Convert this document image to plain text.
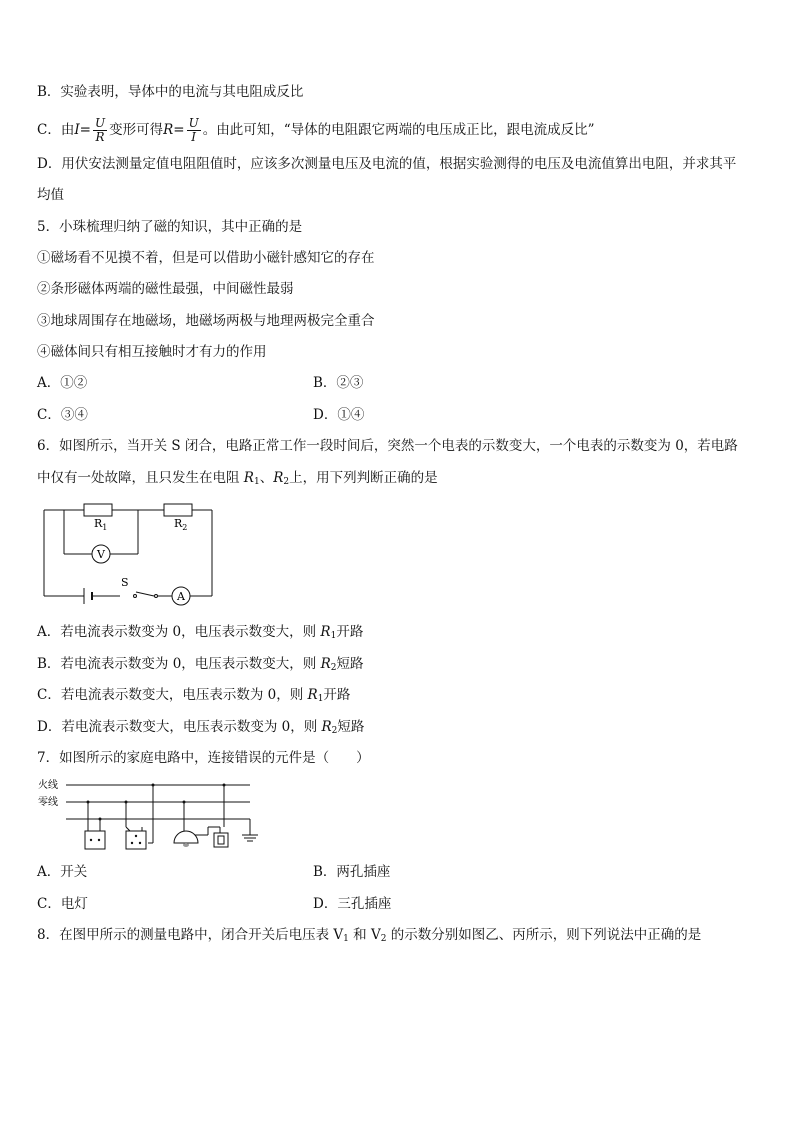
B．实验表明，导体中的电流与其电阻成反比
C．由 $I= \frac{U}{R}$ 变形可得 $R= \frac{U}{I}$ 。由此可知，“导体的电阻跟它两端的电压成正比，跟电流成反比”
D．用伏安法测量定值电阻阻值时，应该多次测量电压及电流的值，根据实验测得的电压及电流值算出电阻，并求其平
均值
5．小珠梳理归纳了磁的知识，其中正确的是
①磁场看不见摸不着，但是可以借助小磁针感知它的存在
②条形磁体两端的磁性最强，中间磁性最弱
③地球周围存在地磁场，地磁场两极与地理两极完全重合
④磁体间只有相互接触时才有力的作用
A．①②	B．②③
C．③④	D．①④
6．如图所示，当开关 S 闭合，电路正常工作一段时间后，突然一个电表的示数变大，一个电表的示数变为 0，若电路
中仅有一处故障，且只发生在电阻 $R_1$、$R_2$上，用下列判断正确的是
$R_1$	$R_2$
V
S
A
A．若电流表示数变为 0，电压表示数变大，则 $R_1$开路
B．若电流表示数变为 0，电压表示数变大，则 $R_2$短路
C．若电流表示数变大，电压表示数为 0，则 $R_1$开路
D．若电流表示数变大，电压表示数变为 0，则 $R_2$短路
7．如图所示的家庭电路中，连接错误的元件是（　　）
火线
零线
A．开关	B．两孔插座
C．电灯	D．三孔插座
8．在图甲所示的测量电路中，闭合开关后电压表 $V_1$ 和 $V_2$ 的示数分别如图乙、丙所示，则下列说法中正确的是
